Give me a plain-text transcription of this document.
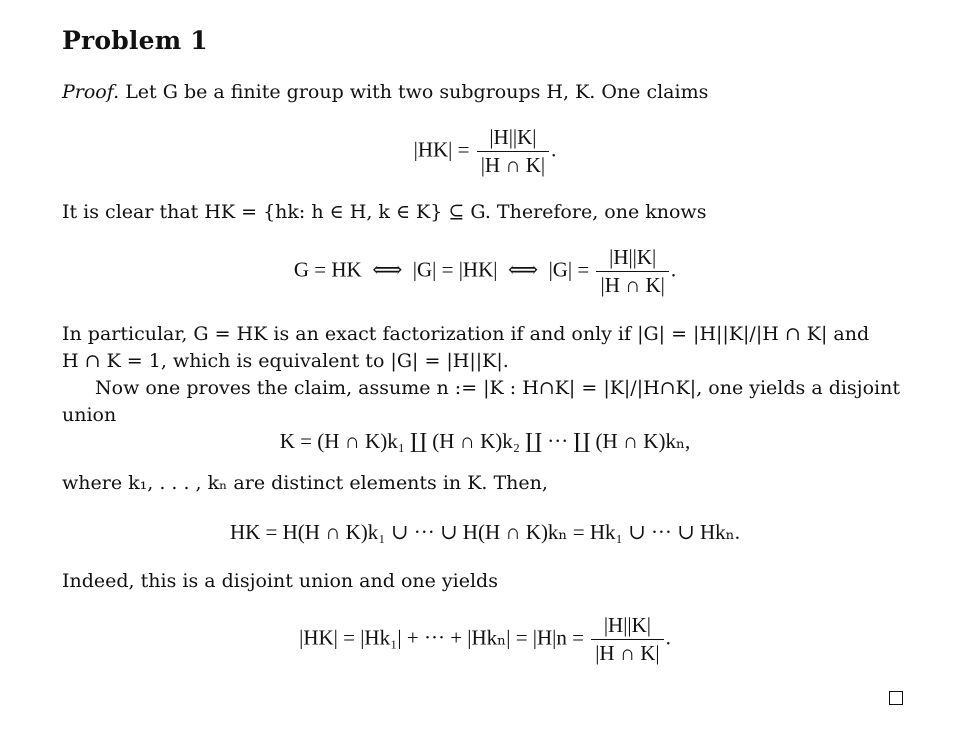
Problem 1
Proof. Let G be a finite group with two subgroups H, K. One claims
$|HK| = \frac{|H||K|}{|H \cap K|}$ .
It is clear that HK = {hk: h ∈ H, k ∈ K} ⊆ G. Therefore, one knows
G = HK  ⟺  |G| = |HK|  ⟺  $|G| = \frac{|H||K|}{|H \cap K|}$ .
In particular, G = HK is an exact factorization if and only if |G| = |H||K|/|H ∩ K| and
H ∩ K = 1, which is equivalent to |G| = |H||K|.
Now one proves the claim, assume n := |K : H∩K| = |K|/|H∩K|, one yields a disjoint
union
K = (H ∩ K)k₁ ∐ (H ∩ K)k₂ ∐ ··· ∐ (H ∩ K)kₙ,
where k₁, . . . , kₙ are distinct elements in K. Then,
HK = H(H ∩ K)k₁ ∪ ··· ∪ H(H ∩ K)kₙ = Hk₁ ∪ ··· ∪ Hkₙ.
Indeed, this is a disjoint union and one yields
|HK| = |Hk₁| + ··· + $|Hk_n| = |H|n = \frac{|H||K|}{|H \cap K|}$ .
